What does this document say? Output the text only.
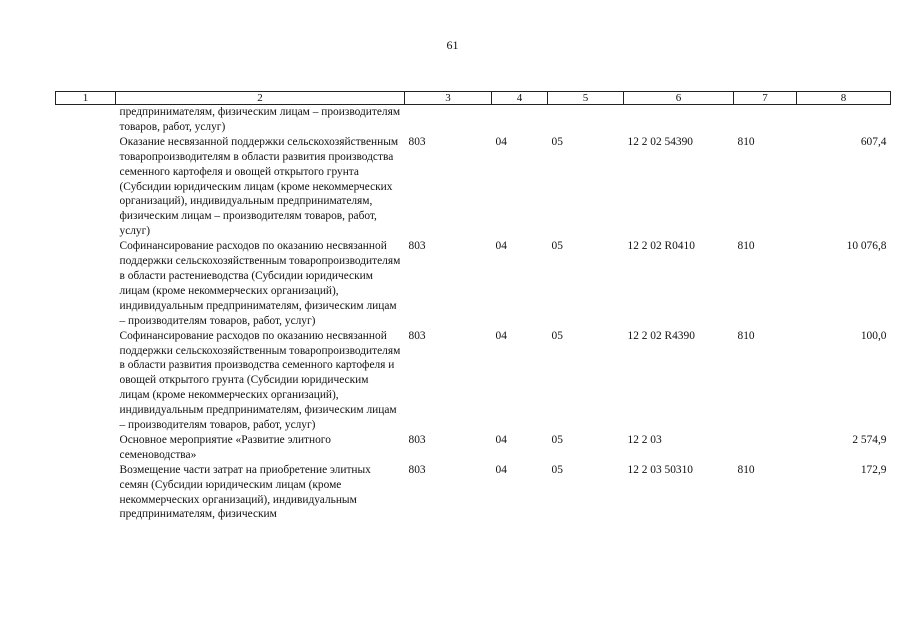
61
1	2	3	4	5	6	7	8
	предпринимателям, физическим лицам – производителям товаров, работ, услуг)						
	Оказание несвязанной поддержки сельскохозяйственным товаропроизводителям в области развития производства семенного картофеля и овощей открытого грунта (Субсидии юридическим лицам (кроме некоммерческих организаций), индивидуальным предпринимателям, физическим лицам – производителям товаров, работ, услуг)	803	04	05	12 2 02 54390	810	607,4
	Софинансирование расходов по оказанию несвязанной поддержки сельскохозяйственным товаропроизводителям в области растениеводства (Субсидии юридическим лицам (кроме некоммерческих организаций), индивидуальным предпринимателям, физическим лицам – производителям товаров, работ, услуг)	803	04	05	12 2 02 R0410	810	10 076,8
	Софинансирование расходов по оказанию несвязанной поддержки сельскохозяйственным товаропроизводителям в области развития производства семенного картофеля и овощей открытого грунта (Субсидии юридическим лицам (кроме некоммерческих организаций), индивидуальным предпринимателям, физическим лицам – производителям товаров, работ, услуг)	803	04	05	12 2 02 R4390	810	100,0
	Основное мероприятие «Развитие элитного семеноводства»	803	04	05	12 2 03		2 574,9
	Возмещение части затрат на приобретение элитных семян (Субсидии юридическим лицам (кроме некоммерческих организаций), индивидуальным предпринимателям, физическим	803	04	05	12 2 03 50310	810	172,9
